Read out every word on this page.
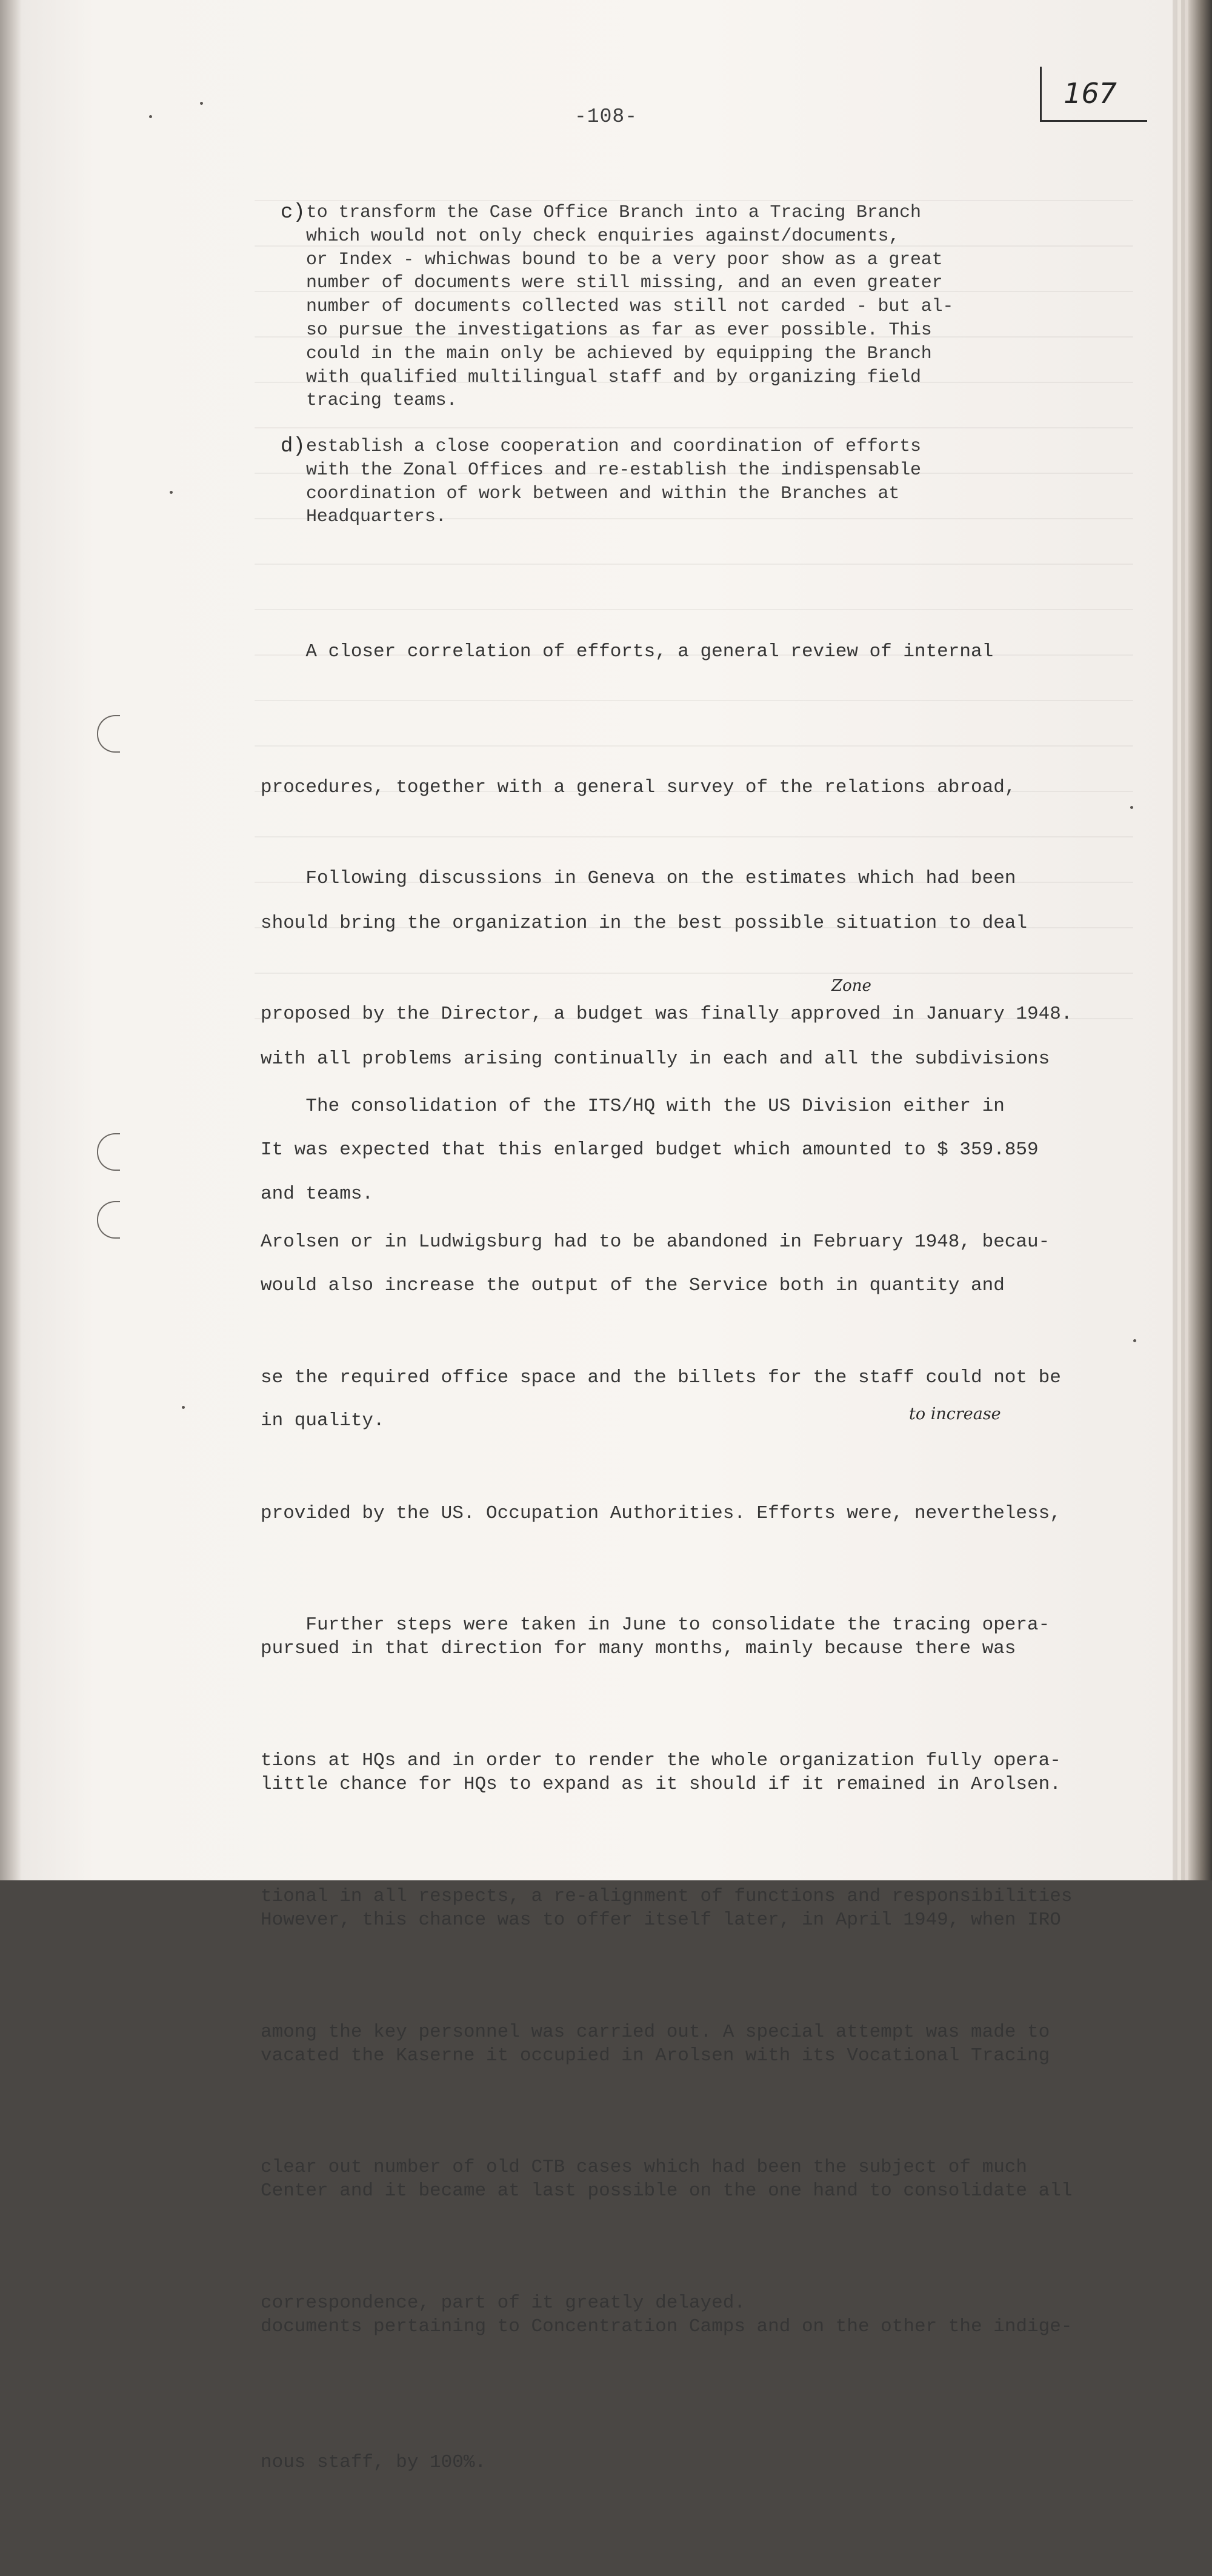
-108-
167
c) to transform the Case Office Branch into a Tracing Branch
which would not only check enquiries against/documents,
or Index - whichwas bound to be a very poor show as a great
number of documents were still missing, and an even greater
number of documents collected was still not carded - but al-
so pursue the investigations as far as ever possible. This
could in the main only be achieved by equipping the Branch
with qualified multilingual staff and by organizing field
tracing teams.
d) establish a close cooperation and coordination of efforts
with the Zonal Offices and re-establish the indispensable
coordination of work between and within the Branches at
Headquarters.

A closer correlation of efforts, a general review of internal

procedures, together with a general survey of the relations abroad,

should bring the organization in the best possible situation to deal

with all problems arising continually in each and all the subdivisions

and teams.

Following discussions in Geneva on the estimates which had been

proposed by the Director, a budget was finally approved in January 1948.

It was expected that this enlarged budget which amounted to $ 359.859

would also increase the output of the Service both in quantity and

in quality.

The consolidation of the ITS/HQ with the US Division either in

Arolsen or in Ludwigsburg had to be abandoned in February 1948, becau-

se the required office space and the billets for the staff could not be

provided by the US. Occupation Authorities. Efforts were, nevertheless,

pursued in that direction for many months, mainly because there was

little chance for HQs to expand as it should if it remained in Arolsen.

However, this chance was to offer itself later, in April 1949, when IRO

vacated the Kaserne it occupied in Arolsen with its Vocational Tracing

Center and it became at last possible on the one hand to consolidate all

documents pertaining to Concentration Camps and on the other the indige-

nous staff, by 100%.

Further steps were taken in June to consolidate the tracing opera-

tions at HQs and in order to render the whole organization fully opera-

tional in all respects, a re-alignment of functions and responsibilities

among the key personnel was carried out. A special attempt was made to

clear out number of old CTB cases which had been the subject of much

correspondence, part of it greatly delayed.

Zone
to increase
